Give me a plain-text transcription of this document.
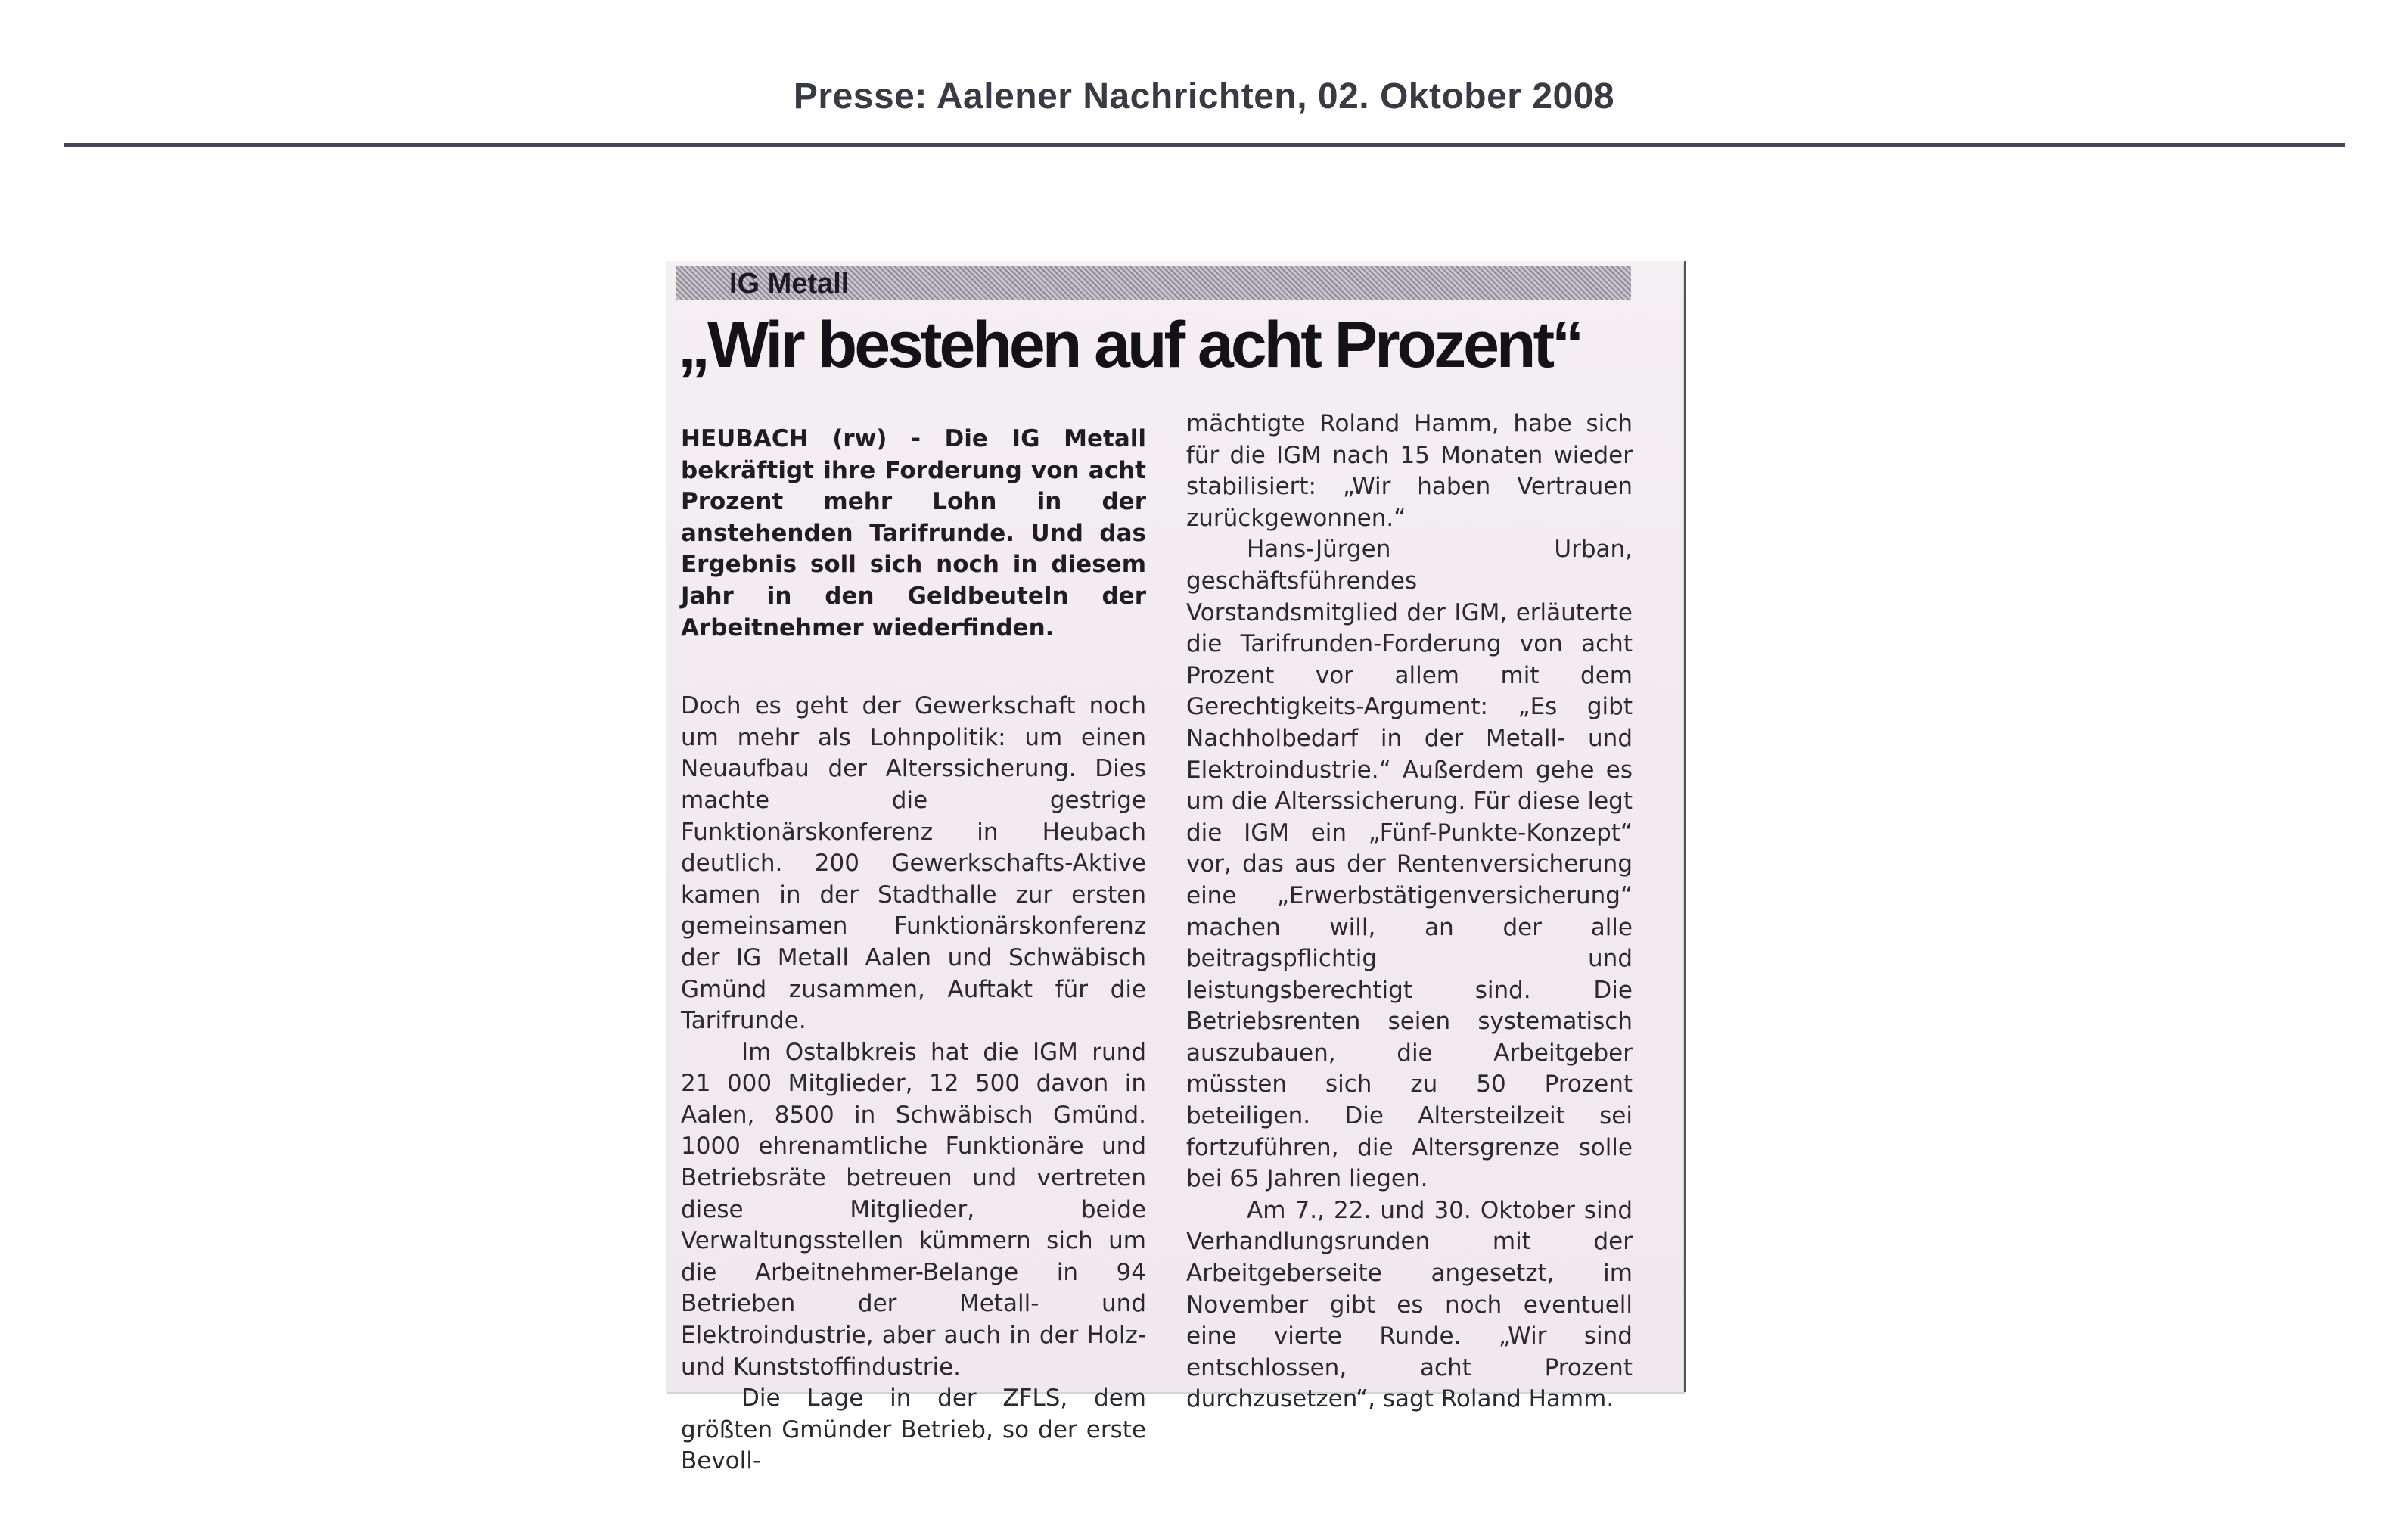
Presse: Aalener Nachrichten, 02. Oktober 2008
IG Metall
„Wir bestehen auf acht Prozent“

HEUBACH (rw) - Die IG Metall bekräftigt ihre Forderung von acht Prozent mehr Lohn in der anstehenden Tarifrunde. Und das Ergebnis soll sich noch in diesem Jahr in den Geldbeuteln der Arbeitnehmer wiederfinden.

Doch es geht der Gewerkschaft noch um mehr als Lohnpolitik: um einen Neuaufbau der Alterssicherung. Dies machte die gestrige Funktionärskonferenz in Heubach deutlich. 200 Gewerkschafts-Aktive kamen in der Stadthalle zur ersten gemeinsamen Funktionärskonferenz der IG Metall Aalen und Schwäbisch Gmünd zusammen, Auftakt für die Tarifrunde.

Im Ostalbkreis hat die IGM rund 21 000 Mitglieder, 12 500 davon in Aalen, 8500 in Schwäbisch Gmünd. 1000 ehrenamtliche Funktionäre und Betriebsräte betreuen und vertreten diese Mitglieder, beide Verwaltungsstellen kümmern sich um die Arbeitnehmer-Belange in 94 Betrieben der Metall- und Elektroindustrie, aber auch in der Holz- und Kunststoffindustrie.

Die Lage in der ZFLS, dem größten Gmünder Betrieb, so der erste Bevoll-

mächtigte Roland Hamm, habe sich für die IGM nach 15 Monaten wieder stabilisiert: „Wir haben Vertrauen zurückgewonnen.“

Hans-Jürgen Urban, geschäftsführendes Vorstandsmitglied der IGM, erläuterte die Tarifrunden-Forderung von acht Prozent vor allem mit dem Gerechtigkeits-Argument: „Es gibt Nachholbedarf in der Metall- und Elektroindustrie.“ Außerdem gehe es um die Alterssicherung. Für diese legt die IGM ein „Fünf-Punkte-Konzept“ vor, das aus der Rentenversicherung eine „Erwerbstätigenversicherung“ machen will, an der alle beitragspflichtig und leistungsberechtigt sind. Die Betriebsrenten seien systematisch auszubauen, die Arbeitgeber müssten sich zu 50 Prozent beteiligen. Die Altersteilzeit sei fortzuführen, die Altersgrenze solle bei 65 Jahren liegen.

Am 7., 22. und 30. Oktober sind Verhandlungsrunden mit der Arbeitgeberseite angesetzt, im November gibt es noch eventuell eine vierte Runde. „Wir sind entschlossen, acht Prozent durchzusetzen“, sagt Roland Hamm.
